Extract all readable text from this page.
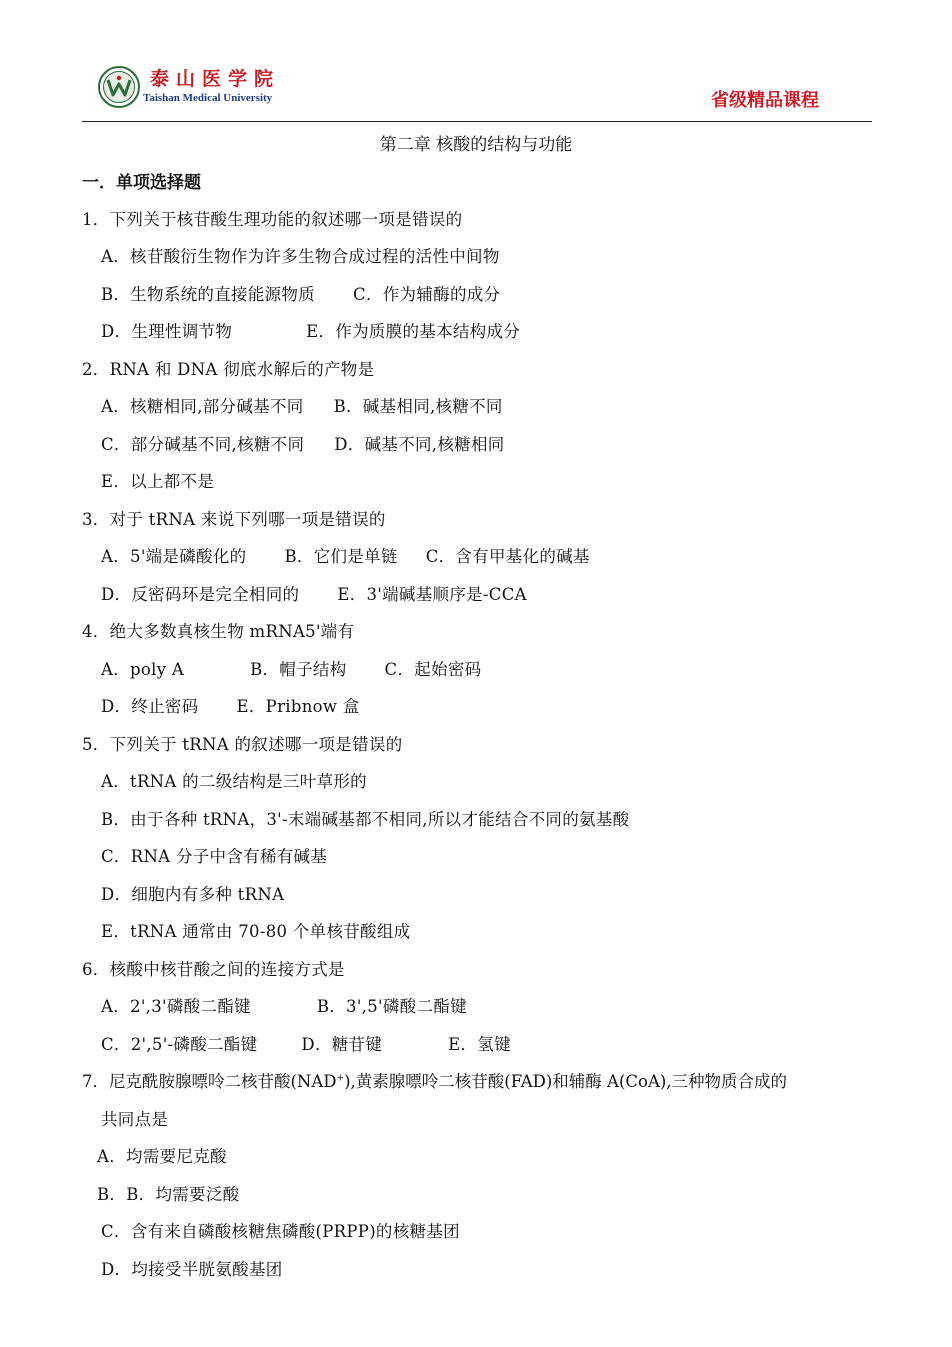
泰山医学院
Taishan Medical University	省级精品课程
第二章 核酸的结构与功能
一．单项选择题
1．下列关于核苷酸生理功能的叙述哪一项是错误的
A．核苷酸衍生物作为许多生物合成过程的活性中间物
B．生物系统的直接能源物质 C．作为辅酶的成分
D．生理性调节物	E．作为质膜的基本结构成分
2．RNA 和 DNA 彻底水解后的产物是
A．核糖相同,部分碱基不同 B．碱基相同,核糖不同
C．部分碱基不同,核糖不同 D．碱基不同,核糖相同
E．以上都不是
3．对于 tRNA 来说下列哪一项是错误的
A．5'端是磷酸化的 B．它们是单链 C．含有甲基化的碱基
D．反密码环是完全相同的 E．3'端碱基顺序是-CCA
4．绝大多数真核生物 mRNA5'端有
A．poly A	B．帽子结构 C．起始密码
D．终止密码 E．Pribnow 盒
5．下列关于 tRNA 的叙述哪一项是错误的
A．tRNA 的二级结构是三叶草形的
B．由于各种 tRNA，3'-末端碱基都不相同,所以才能结合不同的氨基酸
C．RNA 分子中含有稀有碱基
D．细胞内有多种 tRNA
E．tRNA 通常由 70-80 个单核苷酸组成
6．核酸中核苷酸之间的连接方式是
A．2',3'磷酸二酯键	B．3',5'磷酸二酯键
C．2',5'-磷酸二酯键	D．糖苷键	E．氢键
7．尼克酰胺腺嘌呤二核苷酸(NAD+),黄素腺嘌呤二核苷酸(FAD)和辅酶 A(CoA),三种物质合成的
共同点是
A．均需要尼克酸
B．B．均需要泛酸
C．含有来自磷酸核糖焦磷酸(PRPP)的核糖基团
D．均接受半胱氨酸基团
